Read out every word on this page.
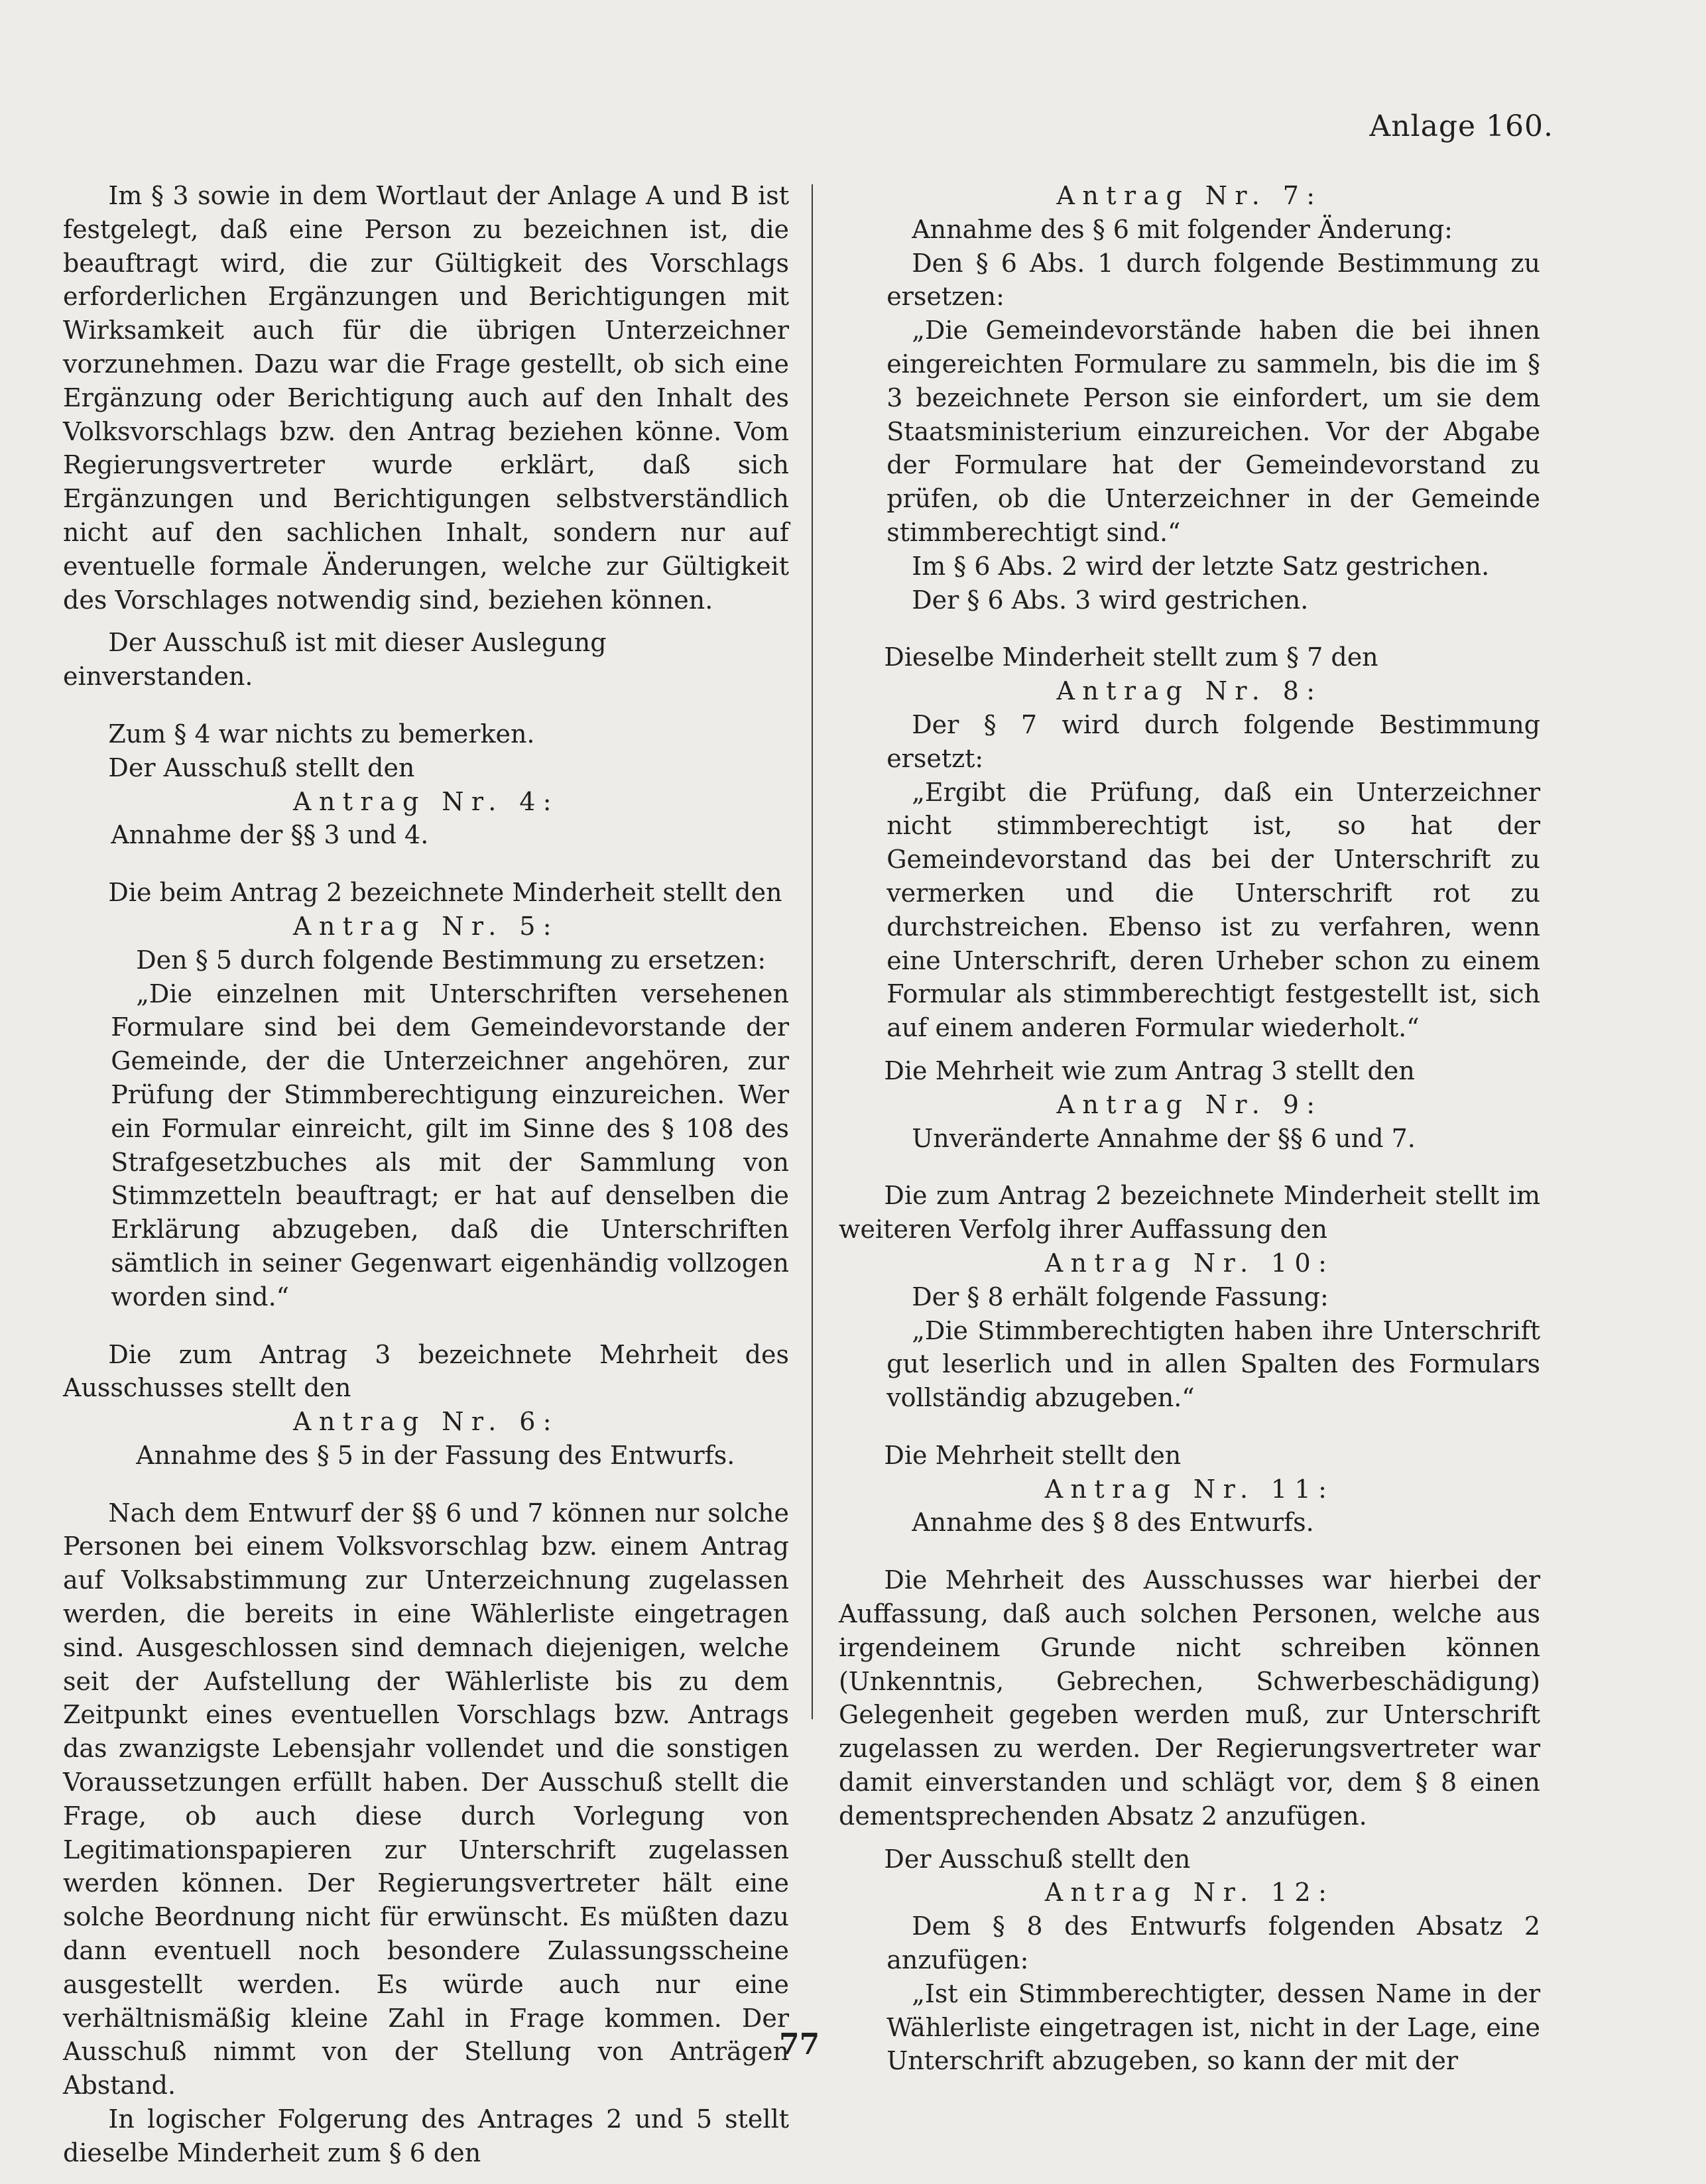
Anlage 160.

Im § 3 sowie in dem Wortlaut der Anlage A und B ist festgelegt, daß eine Person zu bezeichnen ist, die beauftragt wird, die zur Gültigkeit des Vorschlags erforderlichen Ergänzungen und Berichtigungen mit Wirksamkeit auch für die übrigen Unterzeichner vorzunehmen. Dazu war die Frage gestellt, ob sich eine Ergänzung oder Berichtigung auch auf den Inhalt des Volksvorschlags bzw. den Antrag beziehen könne. Vom Regierungsvertreter wurde erklärt, daß sich Ergänzungen und Berichtigungen selbstverständlich nicht auf den sachlichen Inhalt, sondern nur auf eventuelle formale Änderungen, welche zur Gültigkeit des Vorschlages notwendig sind, beziehen können.

Der Ausschuß ist mit dieser Auslegung einverstanden.

Zum § 4 war nichts zu bemerken.

Der Ausschuß stellt den

Antrag Nr. 4:

Annahme der §§ 3 und 4.

Die beim Antrag 2 bezeichnete Minderheit stellt den

Antrag Nr. 5:

Den § 5 durch folgende Bestimmung zu ersetzen:

„Die einzelnen mit Unterschriften versehenen Formulare sind bei dem Gemeindevorstande der Gemeinde, der die Unterzeichner angehören, zur Prüfung der Stimmberechtigung einzureichen. Wer ein Formular einreicht, gilt im Sinne des § 108 des Strafgesetzbuches als mit der Sammlung von Stimmzetteln beauftragt; er hat auf denselben die Erklärung abzugeben, daß die Unterschriften sämtlich in seiner Gegenwart eigenhändig vollzogen worden sind.“

Die zum Antrag 3 bezeichnete Mehrheit des Ausschusses stellt den

Antrag Nr. 6:

Annahme des § 5 in der Fassung des Entwurfs.

Nach dem Entwurf der §§ 6 und 7 können nur solche Personen bei einem Volksvorschlag bzw. einem Antrag auf Volksabstimmung zur Unterzeichnung zugelassen werden, die bereits in eine Wählerliste eingetragen sind. Ausgeschlossen sind demnach diejenigen, welche seit der Aufstellung der Wählerliste bis zu dem Zeitpunkt eines eventuellen Vorschlags bzw. Antrags das zwanzigste Lebensjahr vollendet und die sonstigen Voraussetzungen erfüllt haben. Der Ausschuß stellt die Frage, ob auch diese durch Vorlegung von Legitimationspapieren zur Unterschrift zugelassen werden können. Der Regierungsvertreter hält eine solche Beordnung nicht für erwünscht. Es müßten dazu dann eventuell noch besondere Zulassungsscheine ausgestellt werden. Es würde auch nur eine verhältnismäßig kleine Zahl in Frage kommen. Der Ausschuß nimmt von der Stellung von Anträgen Abstand.

In logischer Folgerung des Antrages 2 und 5 stellt dieselbe Minderheit zum § 6 den

Antrag Nr. 7:

Annahme des § 6 mit folgender Änderung:

Den § 6 Abs. 1 durch folgende Bestimmung zu ersetzen:

„Die Gemeindevorstände haben die bei ihnen eingereichten Formulare zu sammeln, bis die im § 3 bezeichnete Person sie einfordert, um sie dem Staatsministerium einzureichen. Vor der Abgabe der Formulare hat der Gemeindevorstand zu prüfen, ob die Unterzeichner in der Gemeinde stimmberechtigt sind.“

Im § 6 Abs. 2 wird der letzte Satz gestrichen.

Der § 6 Abs. 3 wird gestrichen.

Dieselbe Minderheit stellt zum § 7 den

Antrag Nr. 8:

Der § 7 wird durch folgende Bestimmung ersetzt:

„Ergibt die Prüfung, daß ein Unterzeichner nicht stimmberechtigt ist, so hat der Gemeindevorstand das bei der Unterschrift zu vermerken und die Unterschrift rot zu durchstreichen. Ebenso ist zu verfahren, wenn eine Unterschrift, deren Urheber schon zu einem Formular als stimmberechtigt festgestellt ist, sich auf einem anderen Formular wiederholt.“

Die Mehrheit wie zum Antrag 3 stellt den

Antrag Nr. 9:

Unveränderte Annahme der §§ 6 und 7.

Die zum Antrag 2 bezeichnete Minderheit stellt im weiteren Verfolg ihrer Auffassung den

Antrag Nr. 10:

Der § 8 erhält folgende Fassung:

„Die Stimmberechtigten haben ihre Unterschrift gut leserlich und in allen Spalten des Formulars vollständig abzugeben.“

Die Mehrheit stellt den

Antrag Nr. 11:

Annahme des § 8 des Entwurfs.

Die Mehrheit des Ausschusses war hierbei der Auffassung, daß auch solchen Personen, welche aus irgendeinem Grunde nicht schreiben können (Unkenntnis, Gebrechen, Schwerbeschädigung) Gelegenheit gegeben werden muß, zur Unterschrift zugelassen zu werden. Der Regierungsvertreter war damit einverstanden und schlägt vor, dem § 8 einen dementsprechenden Absatz 2 anzufügen.

Der Ausschuß stellt den

Antrag Nr. 12:

Dem § 8 des Entwurfs folgenden Absatz 2 anzufügen:

„Ist ein Stimmberechtigter, dessen Name in der Wählerliste eingetragen ist, nicht in der Lage, eine Unterschrift abzugeben, so kann der mit der

77
